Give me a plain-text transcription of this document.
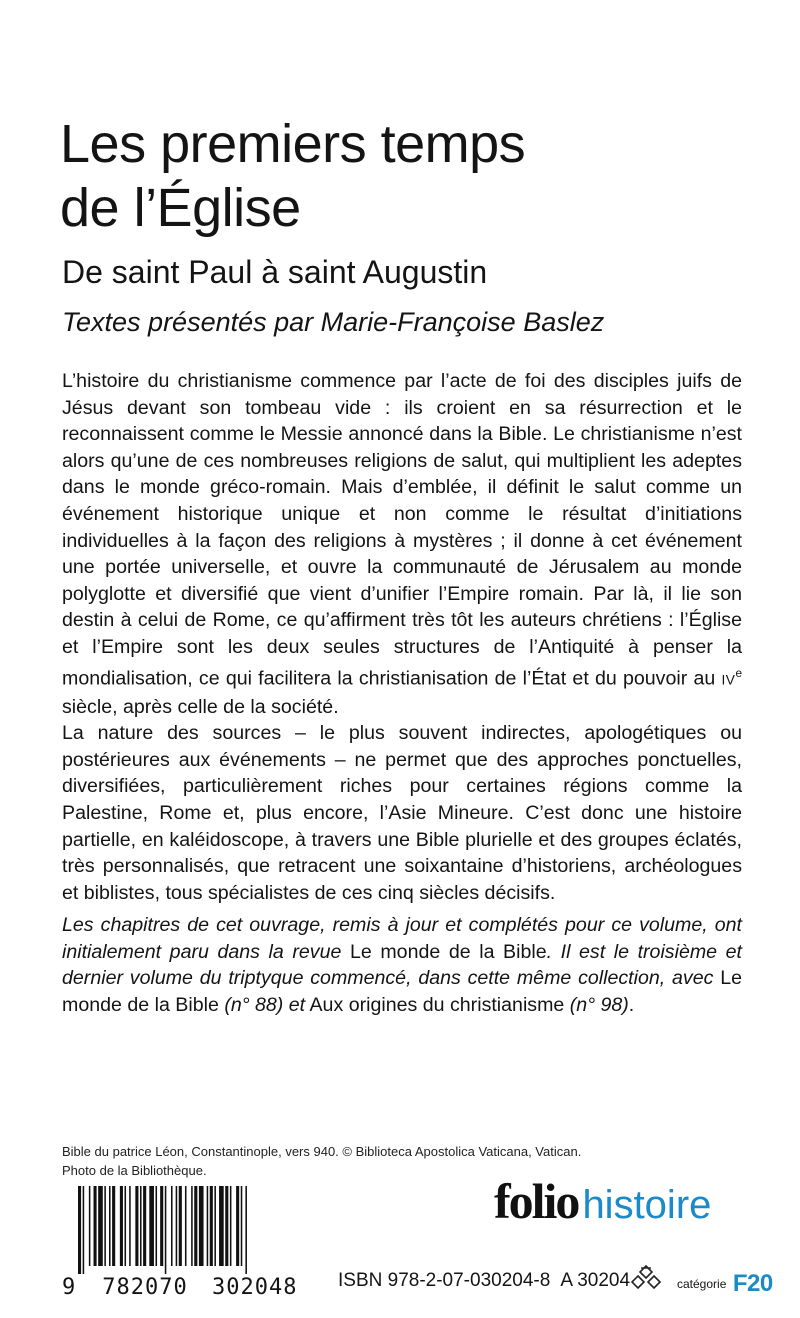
Les premiers temps
de l’Église
De saint Paul à saint Augustin

Textes présentés par Marie-Françoise Baslez

L’histoire du christianisme commence par l’acte de foi des disciples juifs de Jésus devant son tombeau vide : ils croient en sa résurrection et le reconnaissent comme le Messie annoncé dans la Bible. Le christianisme n’est alors qu’une de ces nombreuses religions de salut, qui multiplient les adeptes dans le monde gréco-romain. Mais d’emblée, il définit le salut comme un événement historique unique et non comme le résultat d’initiations individuelles à la façon des religions à mystères ; il donne à cet événement une portée universelle, et ouvre la communauté de Jérusalem au monde polyglotte et diversifié que vient d’unifier l’Empire romain. Par là, il lie son destin à celui de Rome, ce qu’affirment très tôt les auteurs chrétiens : l’Église et l’Empire sont les deux seules structures de l’Antiquité à penser la mondialisation, ce qui facilitera la christianisation de l’État et du pouvoir au IVe siècle, après celle de la société.

La nature des sources – le plus souvent indirectes, apologétiques ou postérieures aux événements – ne permet que des approches ponctuelles, diversifiées, particulièrement riches pour certaines régions comme la Palestine, Rome et, plus encore, l’Asie Mineure. C’est donc une histoire partielle, en kaléidoscope, à travers une Bible plurielle et des groupes éclatés, très personnalisés, que retracent une soixantaine d’historiens, archéologues et biblistes, tous spécialistes de ces cinq siècles décisifs.

Les chapitres de cet ouvrage, remis à jour et complétés pour ce volume, ont initialement paru dans la revue Le monde de la Bible. Il est le troisième et dernier volume du triptyque commencé, dans cette même collection, avec Le monde de la Bible (n° 88) et Aux origines du christianisme (n° 98).

Bible du patrice Léon, Constantinople, vers 940. © Biblioteca Apostolica Vaticana, Vatican.
Photo de la Bibliothèque.
9 782070 302048
folio histoire
ISBN 978-2-07-030204-8 A 30204	catégorie F20
